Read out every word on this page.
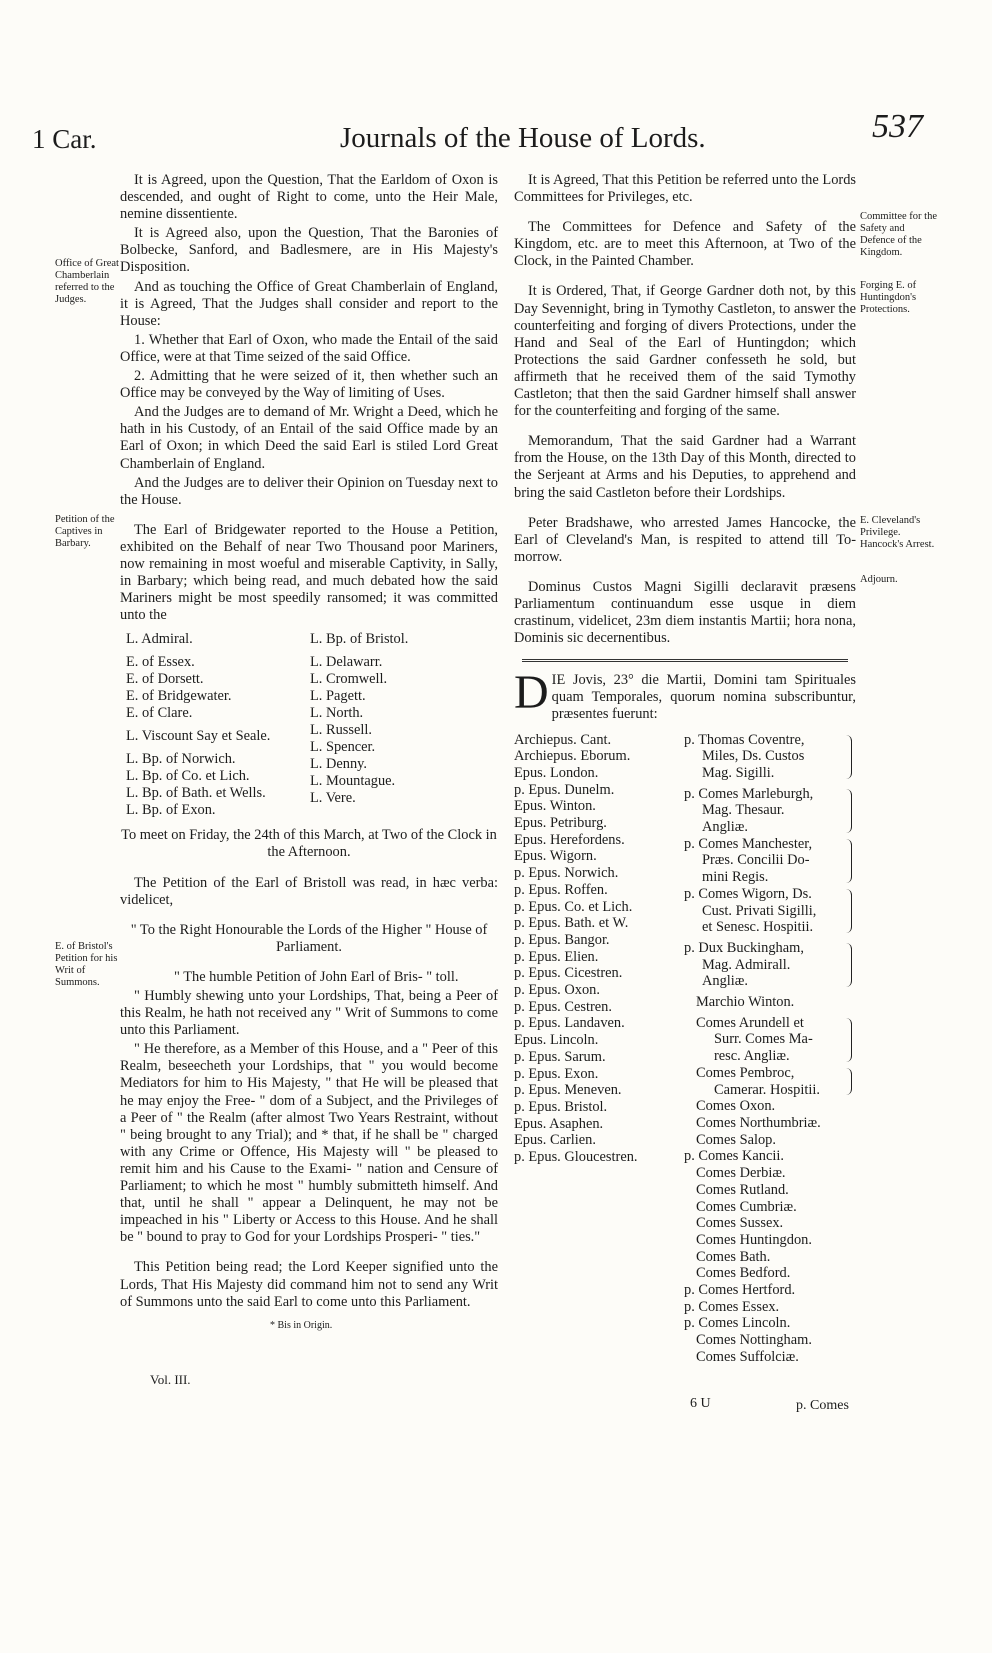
1 Car.	Journals of the House of Lords.	537
Office of Great Chamberlain referred to the Judges.
Petition of the Captives in Barbary.
E. of Bristol's Petition for his Writ of Summons.
Committee for the Safety and Defence of the Kingdom.
Forging E. of Huntingdon's Protections.
E. Cleveland's Privilege. Hancock's Arrest.
Adjourn.

It is Agreed, upon the Question, That the Earldom of Oxon is descended, and ought of Right to come, unto the Heir Male, nemine dissentiente.

It is Agreed also, upon the Question, That the Baronies of Bolbecke, Sanford, and Badlesmere, are in His Majesty's Disposition.

And as touching the Office of Great Chamberlain of England, it is Agreed, That the Judges shall consider and report to the House:

1. Whether that Earl of Oxon, who made the Entail of the said Office, were at that Time seized of the said Office.

2. Admitting that he were seized of it, then whether such an Office may be conveyed by the Way of limiting of Uses.

And the Judges are to demand of Mr. Wright a Deed, which he hath in his Custody, of an Entail of the said Office made by an Earl of Oxon; in which Deed the said Earl is stiled Lord Great Chamberlain of England.

And the Judges are to deliver their Opinion on Tuesday next to the House.

The Earl of Bridgewater reported to the House a Petition, exhibited on the Behalf of near Two Thousand poor Mariners, now remaining in most woeful and miserable Captivity, in Sally, in Barbary; which being read, and much debated how the said Mariners might be most speedily ransomed; it was committed unto the

L. Admiral.
E. of Essex.
E. of Dorsett.
E. of Bridgewater.
E. of Clare.
L. Viscount Say et Seale.
L. Bp. of Norwich.
L. Bp. of Co. et Lich.
L. Bp. of Bath. et Wells.
L. Bp. of Exon.
L. Bp. of Bristol.
L. Delawarr.
L. Cromwell.
L. Pagett.
L. North.
L. Russell.
L. Spencer.
L. Denny.
L. Mountague.
L. Vere.

To meet on Friday, the 24th of this March, at Two of the Clock in the Afternoon.

The Petition of the Earl of Bristoll was read, in hæc verba: videlicet,

" To the Right Honourable the Lords of the Higher " House of Parliament.

" The humble Petition of John Earl of Bris- " toll.

" Humbly shewing unto your Lordships, That, being a Peer of this Realm, he hath not received any " Writ of Summons to come unto this Parliament.

" He therefore, as a Member of this House, and a " Peer of this Realm, beseecheth your Lordships, that " you would become Mediators for him to His Majesty, " that He will be pleased that he may enjoy the Free- " dom of a Subject, and the Privileges of a Peer of " the Realm (after almost Two Years Restraint, without " being brought to any Trial); and * that, if he shall be " charged with any Crime or Offence, His Majesty will " be pleased to remit him and his Cause to the Exami- " nation and Censure of Parliament; to which he most " humbly submitteth himself. And that, until he shall " appear a Delinquent, he may not be impeached in his " Liberty or Access to this House. And he shall be " bound to pray to God for your Lordships Prosperi- " ties."

This Petition being read; the Lord Keeper signified unto the Lords, That His Majesty did command him not to send any Writ of Summons unto the said Earl to come unto this Parliament.

* Bis in Origin.
Vol. III.

It is Agreed, That this Petition be referred unto the Lords Committees for Privileges, etc.

The Committees for Defence and Safety of the Kingdom, etc. are to meet this Afternoon, at Two of the Clock, in the Painted Chamber.

It is Ordered, That, if George Gardner doth not, by this Day Sevennight, bring in Tymothy Castleton, to answer the counterfeiting and forging of divers Protections, under the Hand and Seal of the Earl of Huntingdon; which Protections the said Gardner confesseth he sold, but affirmeth that he received them of the said Tymothy Castleton; that then the said Gardner himself shall answer for the counterfeiting and forging of the same.

Memorandum, That the said Gardner had a Warrant from the House, on the 13th Day of this Month, directed to the Serjeant at Arms and his Deputies, to apprehend and bring the said Castleton before their Lordships.

Peter Bradshawe, who arrested James Hancocke, the Earl of Cleveland's Man, is respited to attend till To-morrow.

Dominus Custos Magni Sigilli declaravit præsens Parliamentum continuandum esse usque in diem crastinum, videlicet, 23m diem instantis Martii; hora nona, Dominis sic decernentibus.

D IE Jovis, 23° die Martii, Domini tam Spirituales quam Temporales, quorum nomina subscribuntur, præsentes fuerunt:
Archiepus. Cant.
Archiepus. Eborum.
Epus. London.
p. Epus. Dunelm.
Epus. Winton.
Epus. Petriburg.
Epus. Herefordens.
Epus. Wigorn.
p. Epus. Norwich.
p. Epus. Roffen.
p. Epus. Co. et Lich.
p. Epus. Bath. et W.
p. Epus. Bangor.
p. Epus. Elien.
p. Epus. Cicestren.
p. Epus. Oxon.
p. Epus. Cestren.
p. Epus. Landaven.
Epus. Lincoln.
p. Epus. Sarum.
p. Epus. Exon.
p. Epus. Meneven.
p. Epus. Bristol.
Epus. Asaphen.
Epus. Carlien.
p. Epus. Gloucestren.
p. Thomas Coventre,
Miles, Ds. Custos
Mag. Sigilli.
p. Comes Marleburgh,
Mag. Thesaur.
Angliæ.
p. Comes Manchester,
Præs. Concilii Do-
mini Regis.
p. Comes Wigorn, Ds.
Cust. Privati Sigilli,
et Senesc. Hospitii.
p. Dux Buckingham,
Mag. Admirall.
Angliæ.
Marchio Winton.
Comes Arundell et
Surr. Comes Ma-
resc. Angliæ.
Comes Pembroc,
Camerar. Hospitii.
Comes Oxon.
Comes Northumbriæ.
Comes Salop.
p. Comes Kancii.
Comes Derbiæ.
Comes Rutland.
Comes Cumbriæ.
Comes Sussex.
Comes Huntingdon.
Comes Bath.
Comes Bedford.
p. Comes Hertford.
p. Comes Essex.
p. Comes Lincoln.
Comes Nottingham.
Comes Suffolciæ.
6 U	p. Comes
